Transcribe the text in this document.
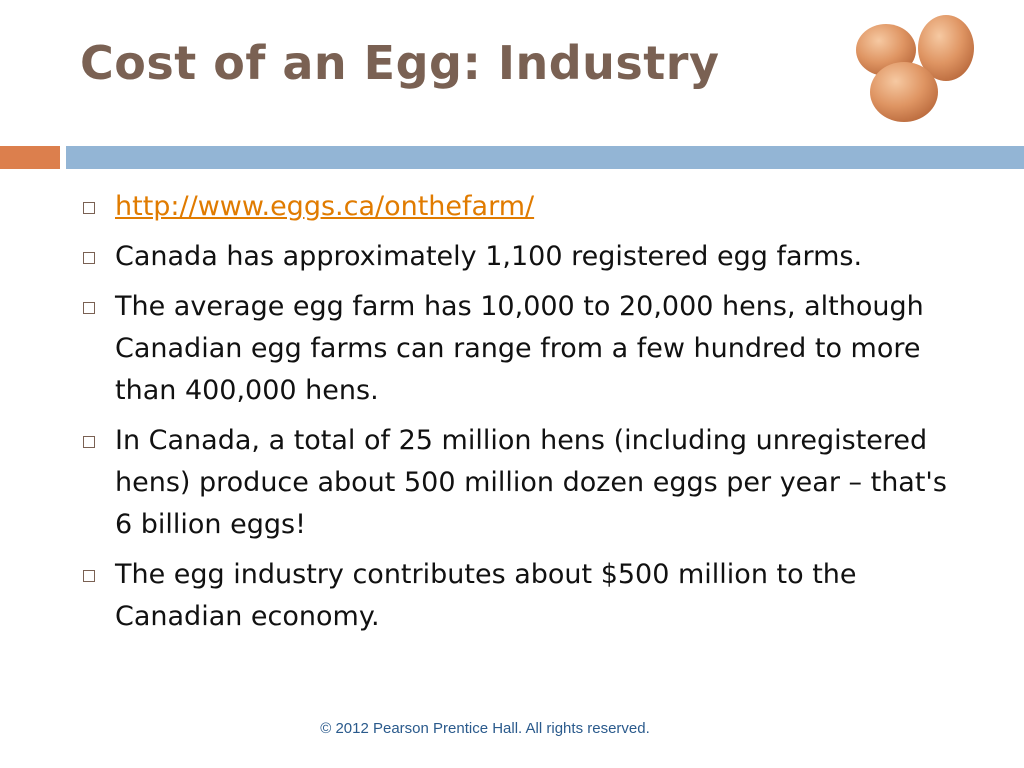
Cost of an Egg: Industry
http://www.eggs.ca/onthefarm/
Canada has approximately 1,100 registered egg farms.
The average egg farm has 10,000 to 20,000 hens, although Canadian egg farms can range from a few hundred to more than 400,000 hens.
In Canada, a total of 25 million hens (including unregistered hens) produce about 500 million dozen eggs per year – that's 6 billion eggs!
The egg industry contributes about $500 million to the Canadian economy.
© 2012 Pearson Prentice Hall. All rights reserved.
